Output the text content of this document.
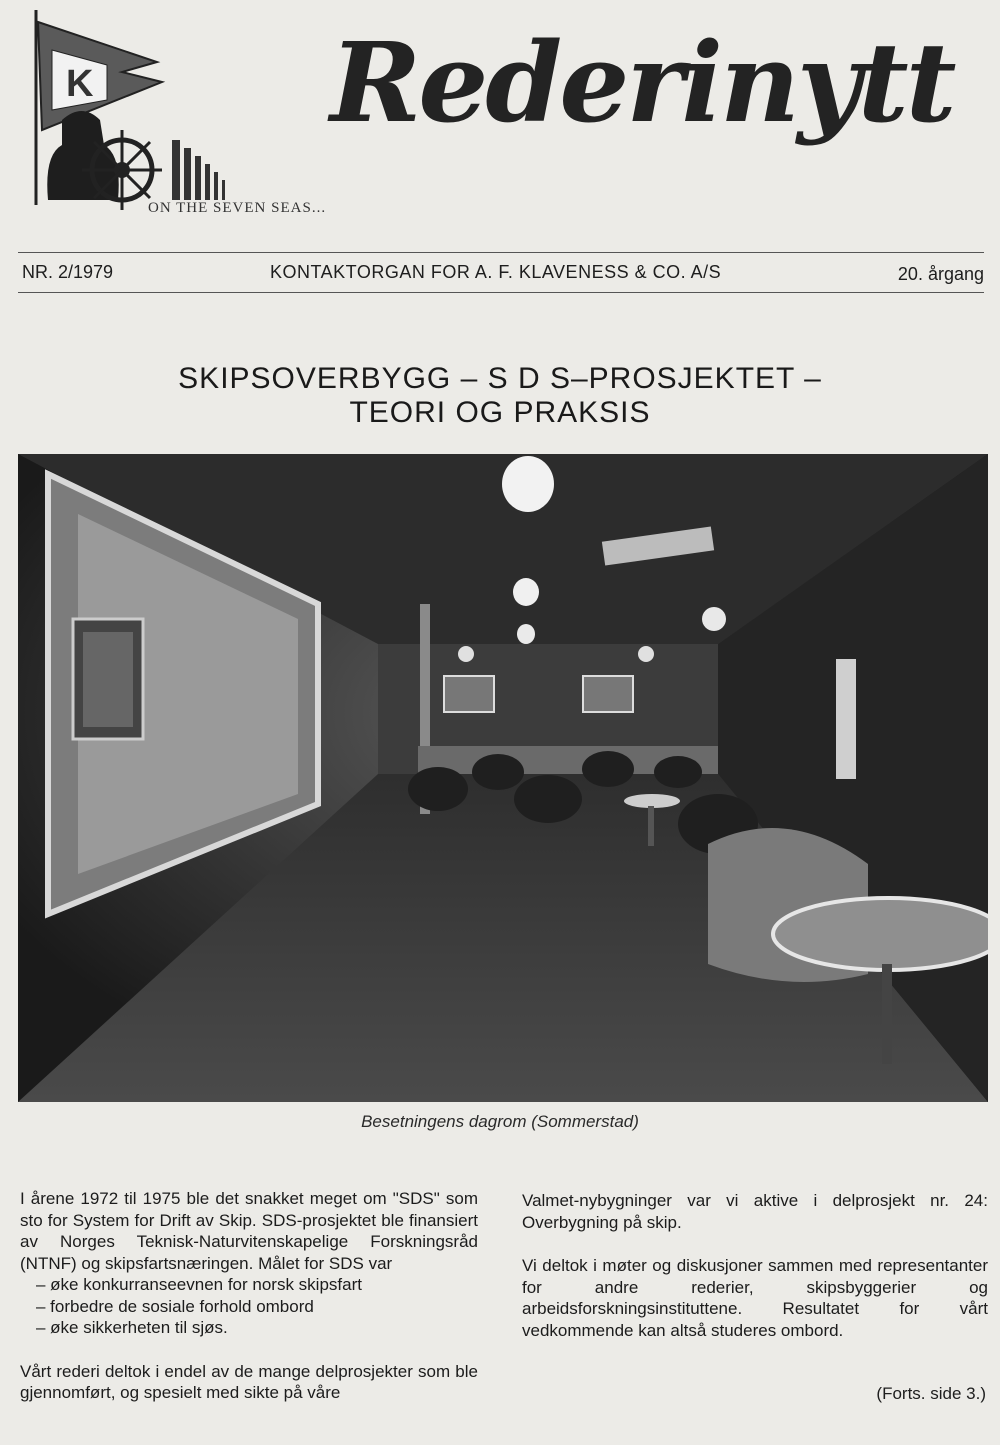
K
ON THE SEVEN SEAS...
Rederinytt
NR. 2/1979	KONTAKTORGAN FOR A. F. KLAVENESS & CO. A/S	20. årgang
SKIPSOVERBYGG – S D S–PROSJEKTET –
TEORI OG PRAKSIS
Besetningens dagrom (Sommerstad)

I årene 1972 til 1975 ble det snakket meget om "SDS" som sto for System for Drift av Skip. SDS-prosjektet ble finansiert av Norges Teknisk-Naturvitenskapelige Forskningsråd (NTNF) og skipsfartsnæringen. Målet for SDS var

– øke konkurranseevnen for norsk skipsfart
– forbedre de sosiale forhold ombord
– øke sikkerheten til sjøs.

Vårt rederi deltok i endel av de mange delprosjekter som ble gjennomført, og spesielt med sikte på våre

Valmet-nybygninger var vi aktive i delprosjekt nr. 24: Overbygning på skip.

Vi deltok i møter og diskusjoner sammen med representanter for andre rederier, skipsbyggerier og arbeidsforskningsinstituttene. Resultatet for vårt vedkommende kan altså studeres ombord.

(Forts. side 3.)
